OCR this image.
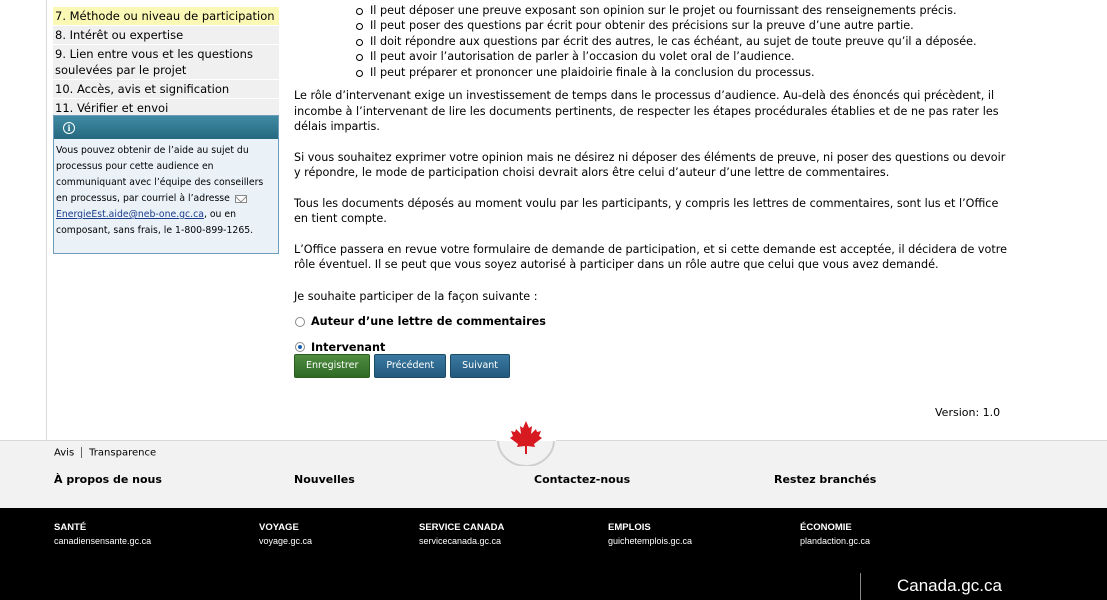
7. Méthode ou niveau de participation
8. Intérêt ou expertise
9. Lien entre vous et les questions soulevées par le projet
10. Accès, avis et signification
11. Vérifier et envoi
i
Vous pouvez obtenir de l’aide au sujet du processus pour cette audience en communiquant avec l’équipe des conseillers en processus, par courriel à l’adresse EnergieEst.aide@neb-one.gc.ca, ou en composant, sans frais, le 1-800-899-1265.
Il peut déposer une preuve exposant son opinion sur le projet ou fournissant des renseignements précis.
Il peut poser des questions par écrit pour obtenir des précisions sur la preuve d’une autre partie.
Il doit répondre aux questions par écrit des autres, le cas échéant, au sujet de toute preuve qu’il a déposée.
Il peut avoir l’autorisation de parler à l’occasion du volet oral de l’audience.
Il peut préparer et prononcer une plaidoirie finale à la conclusion du processus.

Le rôle d’intervenant exige un investissement de temps dans le processus d’audience. Au-delà des énoncés qui précèdent, il incombe à l’intervenant de lire les documents pertinents, de respecter les étapes procédurales établies et de ne pas rater les délais impartis.

Si vous souhaitez exprimer votre opinion mais ne désirez ni déposer des éléments de preuve, ni poser des questions ou devoir y répondre, le mode de participation choisi devrait alors être celui d’auteur d’une lettre de commentaires.

Tous les documents déposés au moment voulu par les participants, y compris les lettres de commentaires, sont lus et l’Office en tient compte.

L’Office passera en revue votre formulaire de demande de participation, et si cette demande est acceptée, il décidera de votre rôle éventuel. Il se peut que vous soyez autorisé à participer dans un rôle autre que celui que vous avez demandé.

Je souhaite participer de la façon suivante :

Auteur d’une lettre de commentaires
Intervenant
Enregistrer	Précédent	Suivant
Version: 1.0
Avis Transparence
À propos de nous	Nouvelles	Contactez-nous	Restez branchés
SANTÉ
canadiensensante.gc.ca
VOYAGE
voyage.gc.ca
SERVICE CANADA
servicecanada.gc.ca
EMPLOIS
guichetemplois.gc.ca
ÉCONOMIE
plandaction.gc.ca
Canada.gc.ca
